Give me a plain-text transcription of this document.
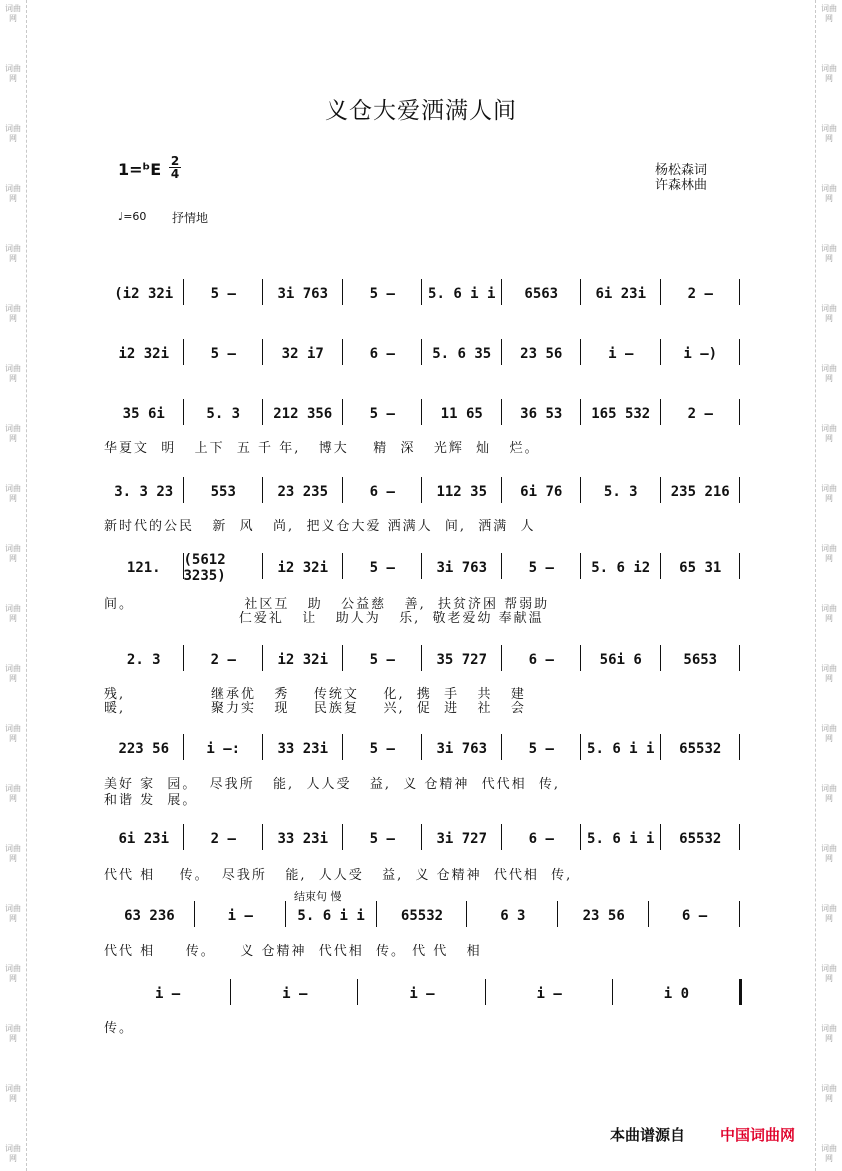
词曲网
词曲网
词曲网
词曲网
词曲网
词曲网
词曲网
词曲网
词曲网
词曲网
词曲网
词曲网
词曲网
词曲网
词曲网
词曲网
词曲网
词曲网
词曲网
词曲网
词曲网
词曲网
词曲网
词曲网
词曲网
词曲网
词曲网
词曲网
词曲网
词曲网
词曲网
词曲网
词曲网
词曲网
词曲网
词曲网
词曲网
词曲网
词曲网
词曲网
义仓大爱洒满人间
1=ᵇE 2
4	杨松森词
许森林曲
♩=60 抒情地
(i2 32i	5 –	3i 763	5 –	5. 6 i i	6563	6i 23i	2 –
i2 32i	5 –	32 i7	6 –	5. 6 35	23 56	i –	i –)
35 6i	5. 3	212 356	5 –	11 65	36 53	165 532	2 –
3. 3 23	553	23 235	6 –	112 35	6i 76	5. 3	235 216
121.	(5612 3235)	i2 32i	5 –	3i 763	5 –	5. 6 i2	65 31
2. 3	2 –	i2 32i	5 –	35 727	6 –	56i 6	5653
223 56	i –:	33 23i	5 –	3i 763	5 –	5. 6 i i	65532
6i 23i	2 –	33 23i	5 –	3i 727	6 –	5. 6 i i	65532
63 236	i –	5. 6 i i	65532	6 3	23 56	6 –
i –	i –	i –	i –	i 0
华夏文  明   上下  五 千 年,   博大    精  深   光辉  灿   烂。
新时代的公民   新  风   尚,  把义仓大爱 洒满人  间,  洒满  人
间。                  社区互   助   公益慈   善,  扶贫济困 帮弱助
仁爱礼   让   助人为   乐,  敬老爱幼 奉献温
残,              继承优   秀    传统文    化,  携  手   共   建
暖,              聚力实   现    民族复    兴,  促  进   社   会
美好 家  园。  尽我所   能,  人人受   益,  义 仓精神  代代相  传,
和谐 发  展。
代代 相    传。  尽我所   能,  人人受   益,  义 仓精神  代代相  传,
代代 相     传。    义 仓精神  代代相  传。 代 代   相
传。
结束句 慢
本曲谱源自 中国词曲网
